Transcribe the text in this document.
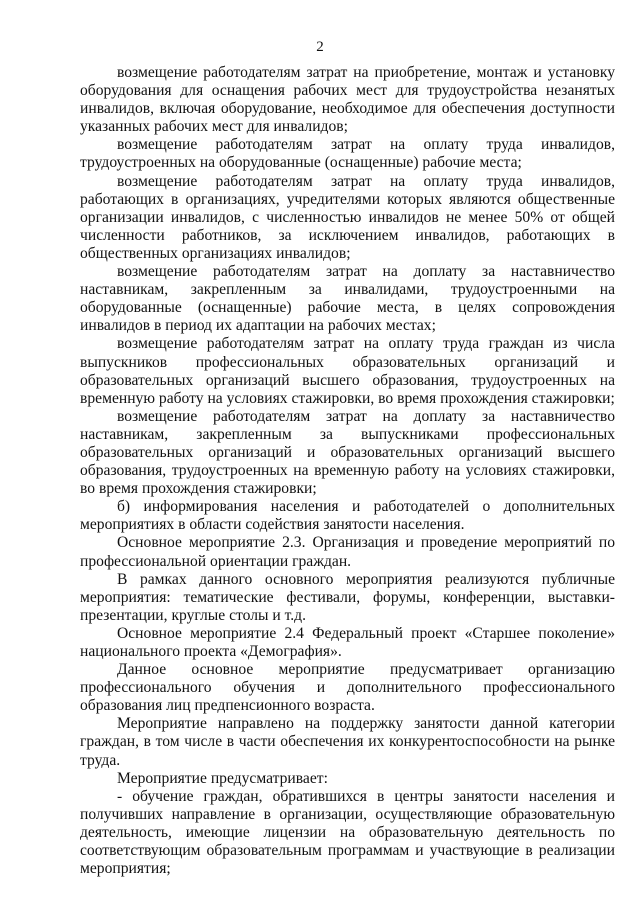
2

возмещение работодателям затрат на приобретение, монтаж и установку оборудования для оснащения рабочих мест для трудоустройства незанятых инвалидов, включая оборудование, необходимое для обеспечения доступности указанных рабочих мест для инвалидов;

возмещение работодателям затрат на оплату труда инвалидов, трудоустроенных на оборудованные (оснащенные) рабочие места;

возмещение работодателям затрат на оплату труда инвалидов, работающих в организациях, учредителями которых являются общественные организации инвалидов, с численностью инвалидов не менее 50% от общей численности работников, за исключением инвалидов, работающих в общественных организациях инвалидов;

возмещение работодателям затрат на доплату за наставничество наставникам, закрепленным за инвалидами, трудоустроенными на оборудованные (оснащенные) рабочие места, в целях сопровождения инвалидов в период их адаптации на рабочих местах;

возмещение работодателям затрат на оплату труда граждан из числа выпускников профессиональных образовательных организаций и образовательных организаций высшего образования, трудоустроенных на временную работу на условиях стажировки, во время прохождения стажировки;

возмещение работодателям затрат на доплату за наставничество наставникам, закрепленным за выпускниками профессиональных образовательных организаций и образовательных организаций высшего образования, трудоустроенных на временную работу на условиях стажировки, во время прохождения стажировки;

б) информирования населения и работодателей о дополнительных мероприятиях в области содействия занятости населения.

Основное мероприятие 2.3. Организация и проведение мероприятий по профессиональной ориентации граждан.

В рамках данного основного мероприятия реализуются публичные мероприятия: тематические фестивали, форумы, конференции, выставки-презентации, круглые столы и т.д.

Основное мероприятие 2.4 Федеральный проект «Старшее поколение» национального проекта «Демография».

Данное основное мероприятие предусматривает организацию профессионального обучения и дополнительного профессионального образования лиц предпенсионного возраста.

Мероприятие направлено на поддержку занятости данной категории граждан, в том числе в части обеспечения их конкурентоспособности на рынке труда.

Мероприятие предусматривает:

- обучение граждан, обратившихся в центры занятости населения и получивших направление в организации, осуществляющие образовательную деятельность, имеющие лицензии на образовательную деятельность по соответствующим образовательным программам и участвующие в реализации мероприятия;
